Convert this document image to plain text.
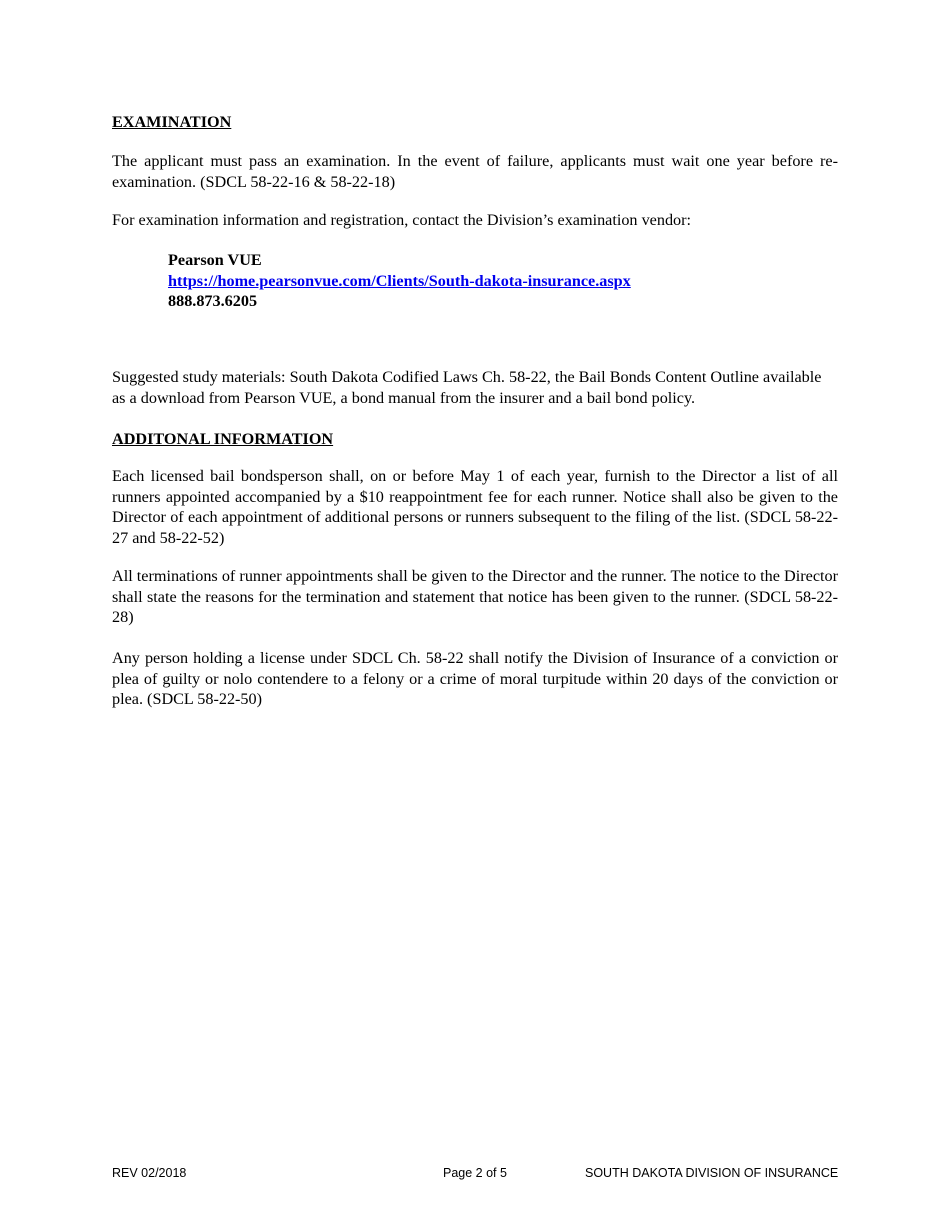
EXAMINATION
The applicant must pass an examination. In the event of failure, applicants must wait one year before re-examination. (SDCL 58-22-16 & 58-22-18)
For examination information and registration, contact the Division’s examination vendor:
Pearson VUE
https://home.pearsonvue.com/Clients/South-dakota-insurance.aspx
888.873.6205
Suggested study materials: South Dakota Codified Laws Ch. 58-22, the Bail Bonds Content Outline available as a download from Pearson VUE, a bond manual from the insurer and a bail bond policy.
ADDITONAL INFORMATION
Each licensed bail bondsperson shall, on or before May 1 of each year, furnish to the Director a list of all runners appointed accompanied by a $10 reappointment fee for each runner. Notice shall also be given to the Director of each appointment of additional persons or runners subsequent to the filing of the list. (SDCL 58-22-27 and 58-22-52)
All terminations of runner appointments shall be given to the Director and the runner. The notice to the Director shall state the reasons for the termination and statement that notice has been given to the runner. (SDCL 58-22-28)
Any person holding a license under SDCL Ch. 58-22 shall notify the Division of Insurance of a conviction or plea of guilty or nolo contendere to a felony or a crime of moral turpitude within 20 days of the conviction or plea. (SDCL 58-22-50)
REV 02/2018	Page 2 of 5	SOUTH DAKOTA DIVISION OF INSURANCE
